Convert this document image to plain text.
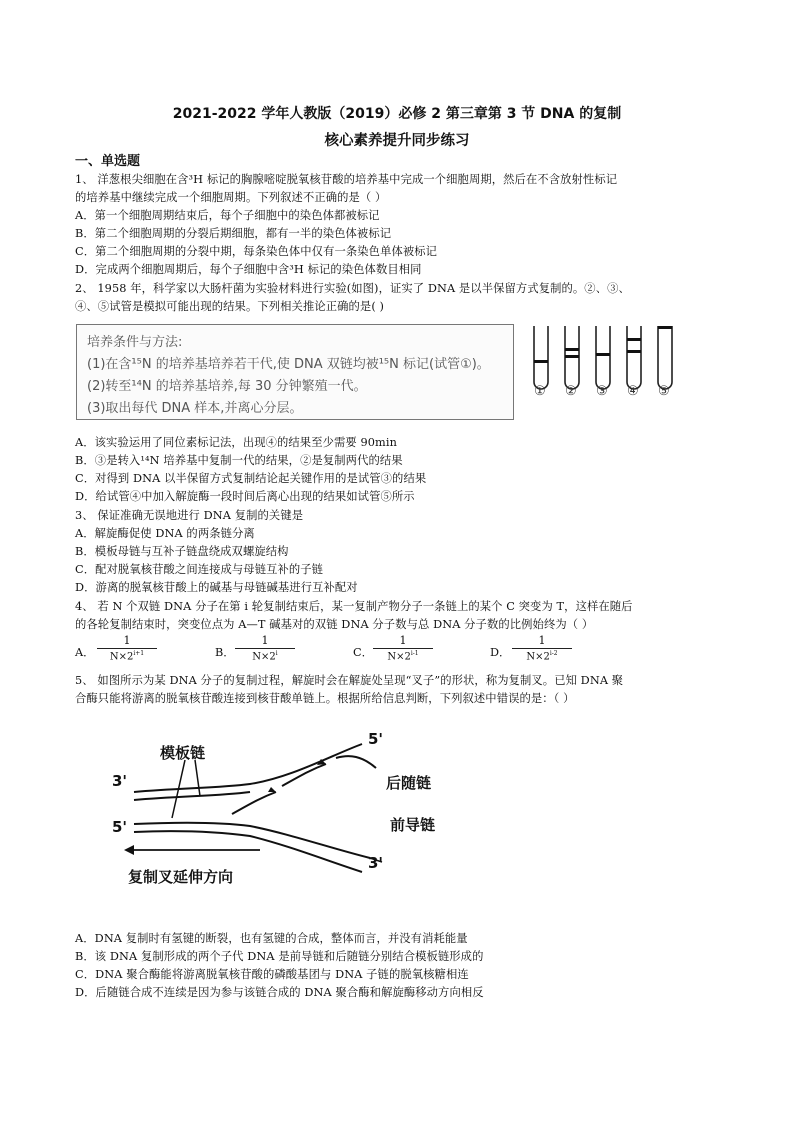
2021-2022 学年人教版（2019）必修 2 第三章第 3 节 DNA 的复制
核心素养提升同步练习
一、单选题
1、 洋葱根尖细胞在含³H 标记的胸腺嘧啶脱氧核苷酸的培养基中完成一个细胞周期，然后在不含放射性标记
的培养基中继续完成一个细胞周期。下列叙述不正确的是（ ）
A．第一个细胞周期结束后，每个子细胞中的染色体都被标记
B．第二个细胞周期的分裂后期细胞，都有一半的染色体被标记
C．第二个细胞周期的分裂中期，每条染色体中仅有一条染色单体被标记
D．完成两个细胞周期后，每个子细胞中含³H 标记的染色体数目相同
2、 1958 年，科学家以大肠杆菌为实验材料进行实验(如图)，证实了 DNA 是以半保留方式复制的。②、③、
④、⑤试管是模拟可能出现的结果。下列相关推论正确的是( )
培养条件与方法:
(1)在含¹⁵N 的培养基培养若干代,使 DNA 双链均被¹⁵N 标记(试管①)。
(2)转至¹⁴N 的培养基培养,每 30 分钟繁殖一代。
(3)取出每代 DNA 样本,并离心分层。
① ② ③ ④ ⑤
A．该实验运用了同位素标记法，出现④的结果至少需要 90min
B．③是转入¹⁴N 培养基中复制一代的结果，②是复制两代的结果
C．对得到 DNA 以半保留方式复制结论起关键作用的是试管③的结果
D．给试管④中加入解旋酶一段时间后离心出现的结果如试管⑤所示
3、 保证准确无误地进行 DNA 复制的关键是
A．解旋酶促使 DNA 的两条链分离
B．模板母链与互补子链盘绕成双螺旋结构
C．配对脱氧核苷酸之间连接成与母链互补的子链
D．游离的脱氧核苷酸上的碱基与母链碱基进行互补配对
4、 若 N 个双链 DNA 分子在第 i 轮复制结束后，某一复制产物分子一条链上的某个 C 突变为 T，这样在随后
的各轮复制结束时，突变位点为 A—T 碱基对的双链 DNA 分子数与总 DNA 分子数的比例始终为（ ）
A． $\frac{1}{N\times 2^{i+1}}$	B． $\frac{1}{N\times 2^i}$	C． $\frac{1}{N\times 2^{i-1}}$	D． $\frac{1}{N\times 2^{i-2}}$
5、 如图所示为某 DNA 分子的复制过程，解旋时会在解旋处呈现“叉子”的形状，称为复制叉。已知 DNA 聚
合酶只能将游离的脱氧核苷酸连接到核苷酸单链上。根据所给信息判断，下列叙述中错误的是：（ ）
模板链
后随链
前导链
复制叉延伸方向
3'
5'
5'
3'
A．DNA 复制时有氢键的断裂，也有氢键的合成，整体而言，并没有消耗能量
B．该 DNA 复制形成的两个子代 DNA 是前导链和后随链分别结合模板链形成的
C．DNA 聚合酶能将游离脱氧核苷酸的磷酸基团与 DNA 子链的脱氧核糖相连
D．后随链合成不连续是因为参与该链合成的 DNA 聚合酶和解旋酶移动方向相反
